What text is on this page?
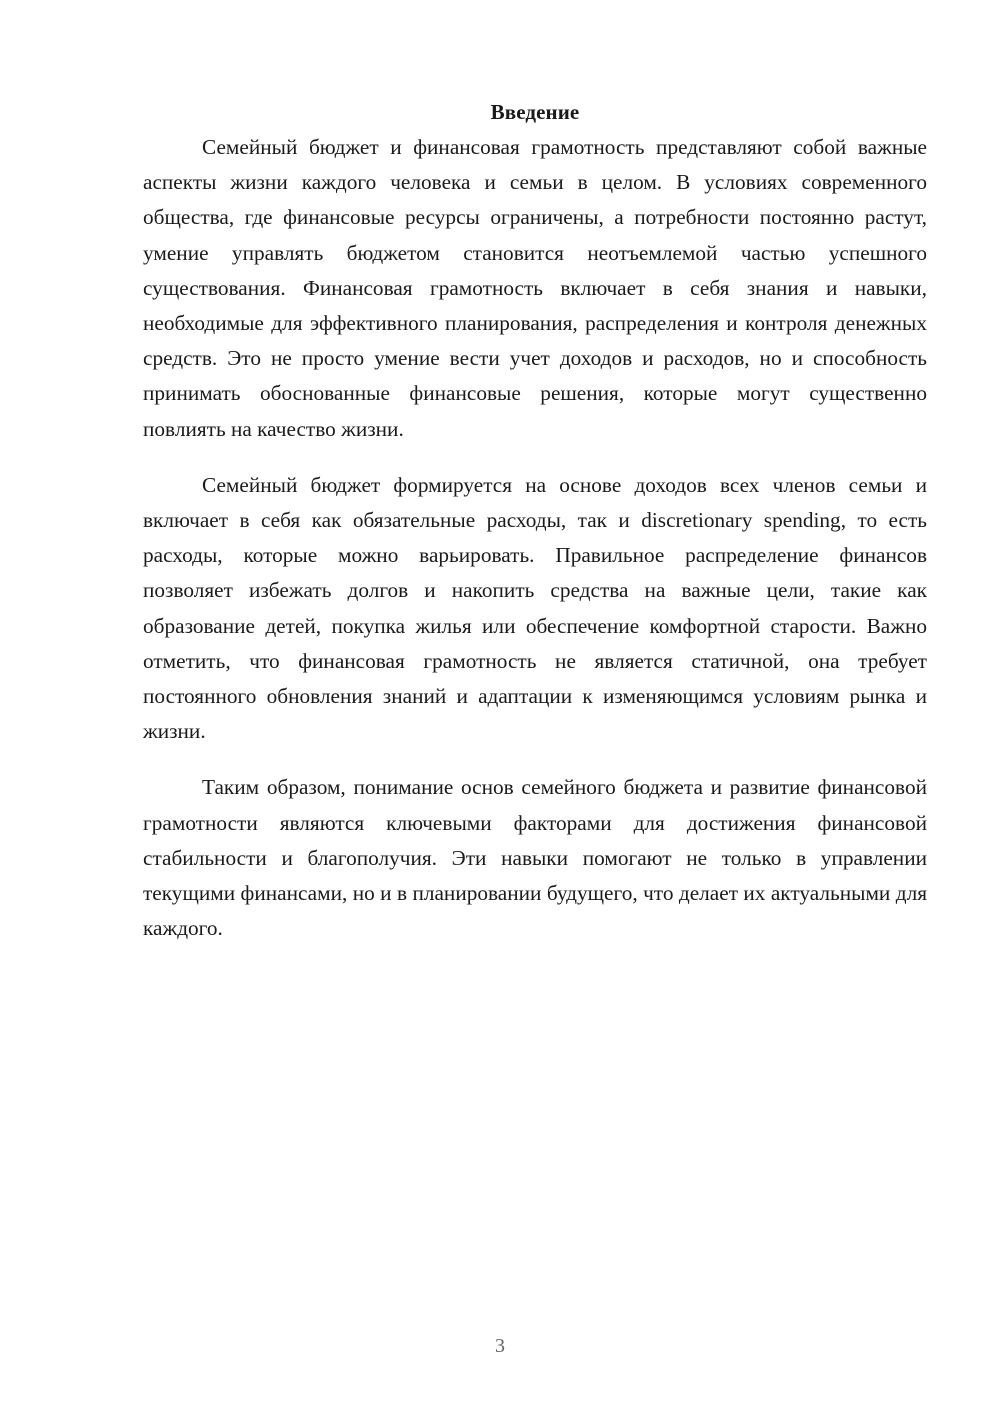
Введение

Семейный бюджет и финансовая грамотность представляют собой важные аспекты жизни каждого человека и семьи в целом. В условиях современного общества, где финансовые ресурсы ограничены, а потребности постоянно растут, умение управлять бюджетом становится неотъемлемой частью успешного существования. Финансовая грамотность включает в себя знания и навыки, необходимые для эффективного планирования, распределения и контроля денежных средств. Это не просто умение вести учет доходов и расходов, но и способность принимать обоснованные финансовые решения, которые могут существенно повлиять на качество жизни.

Семейный бюджет формируется на основе доходов всех членов семьи и включает в себя как обязательные расходы, так и discretionary spending, то есть расходы, которые можно варьировать. Правильное распределение финансов позволяет избежать долгов и накопить средства на важные цели, такие как образование детей, покупка жилья или обеспечение комфортной старости. Важно отметить, что финансовая грамотность не является статичной, она требует постоянного обновления знаний и адаптации к изменяющимся условиям рынка и жизни.

Таким образом, понимание основ семейного бюджета и развитие финансовой грамотности являются ключевыми факторами для достижения финансовой стабильности и благополучия. Эти навыки помогают не только в управлении текущими финансами, но и в планировании будущего, что делает их актуальными для каждого.

3
